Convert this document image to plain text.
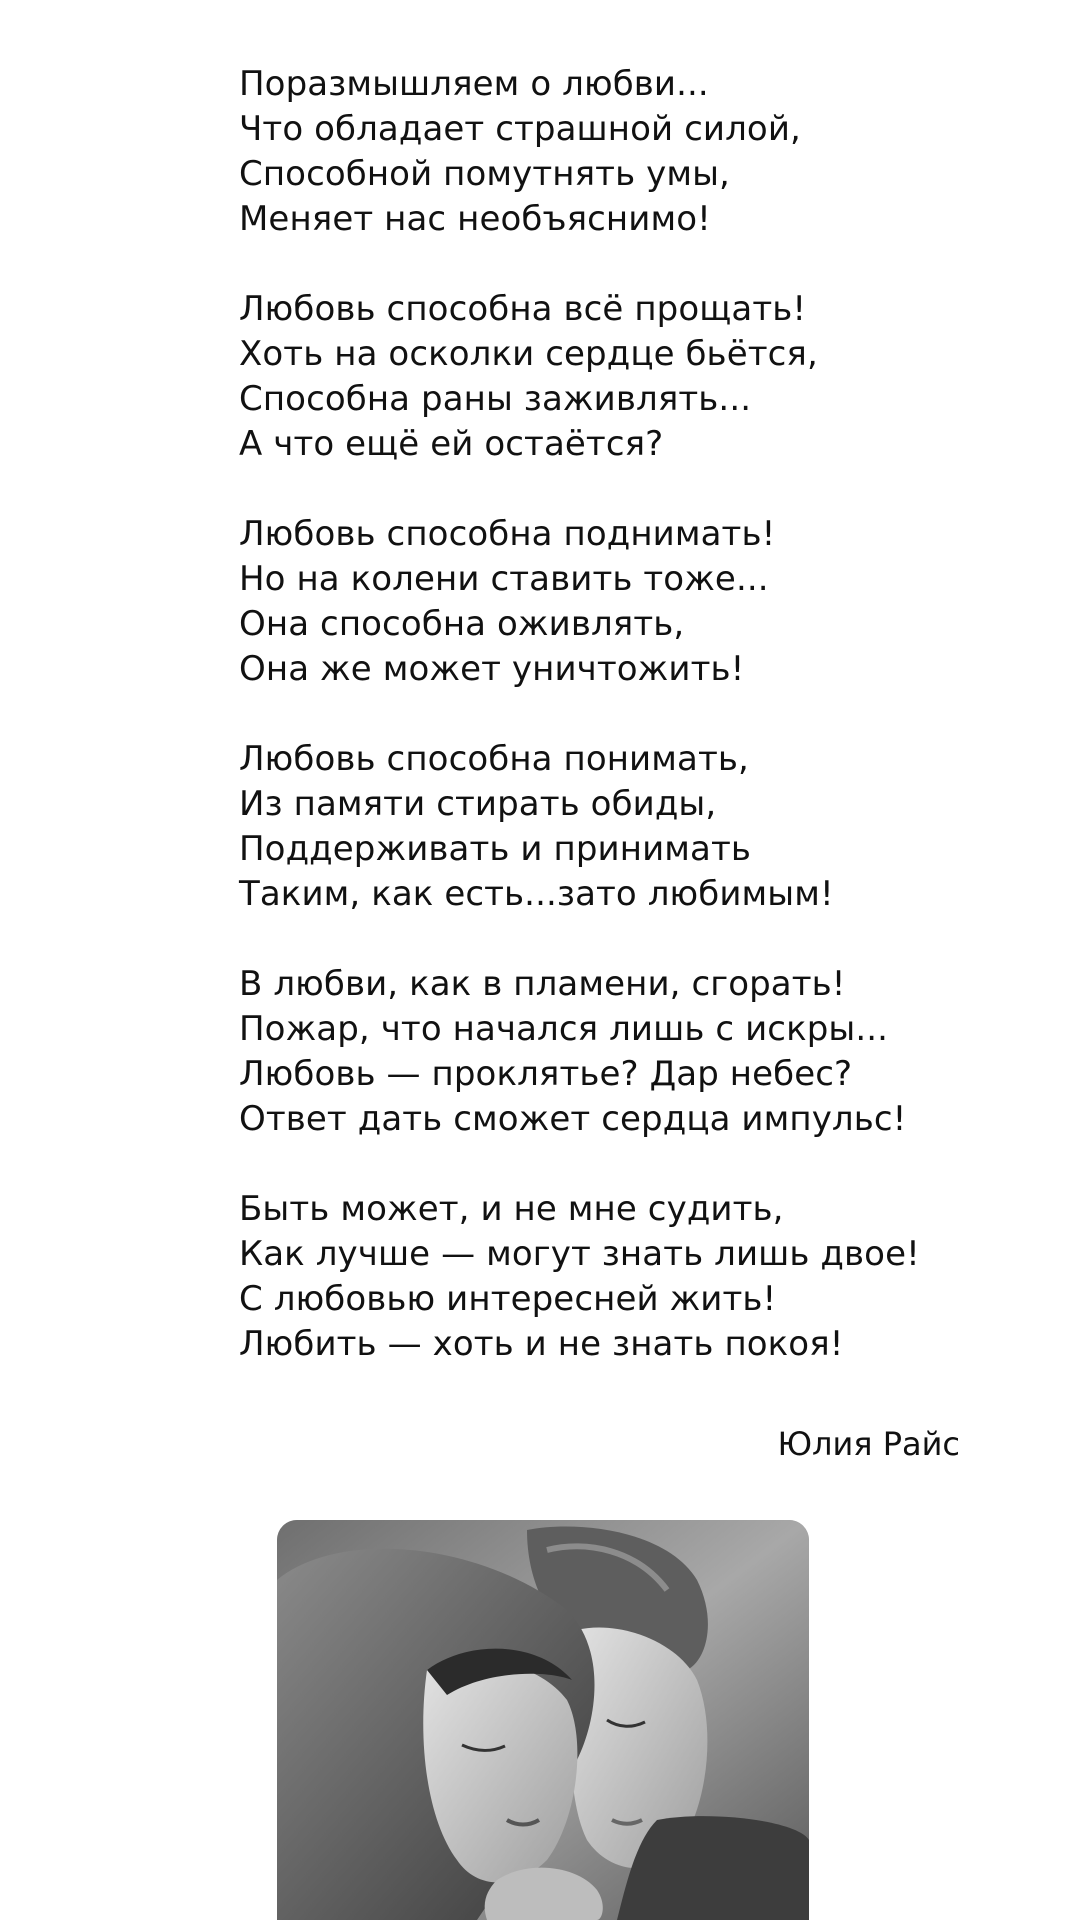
Поразмышляем о любви...
Что обладает страшной силой,
Способной помутнять умы,
Меняет нас необъяснимо!
Любовь способна всё прощать!
Хоть на осколки сердце бьётся,
Способна раны заживлять...
А что ещё ей остаётся?
Любовь способна поднимать!
Но на колени ставить тоже...
Она способна оживлять,
Она же может уничтожить!
Любовь способна понимать,
Из памяти стирать обиды,
Поддерживать и принимать
Таким, как есть...зато любимым!
В любви, как в пламени, сгорать!
Пожар, что начался лишь с искры...
Любовь — проклятье? Дар небес?
Ответ дать сможет сердца импульс!
Быть может, и не мне судить,
Как лучше — могут знать лишь двое!
С любовью интересней жить!
Любить — хоть и не знать покоя!
Юлия Райс
